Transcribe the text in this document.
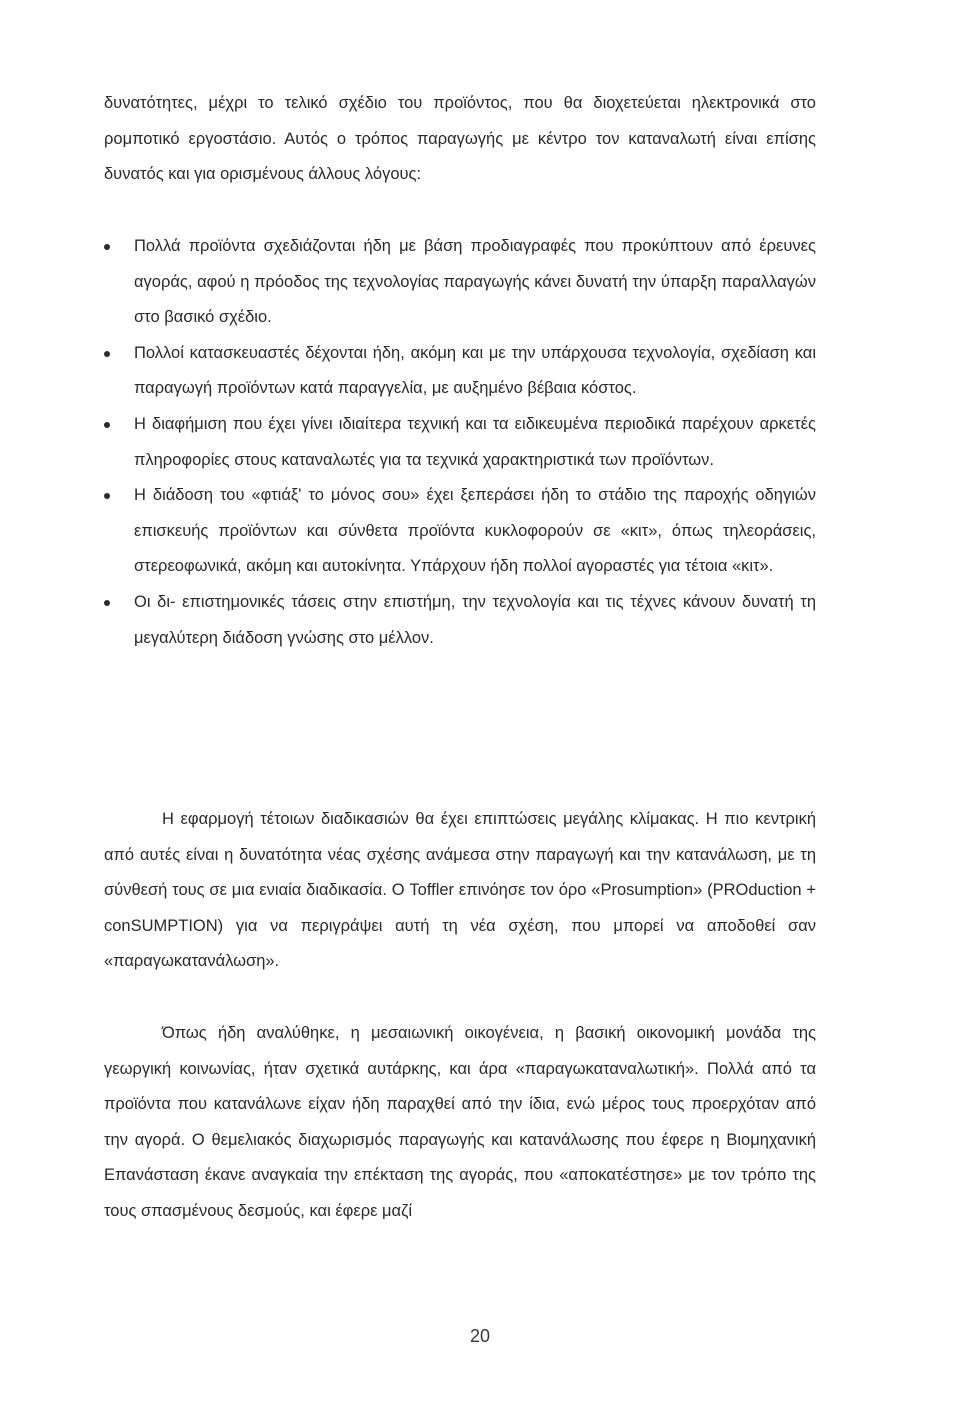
δυνατότητες, μέχρι το τελικό σχέδιο του προϊόντος, που θα διοχετεύεται ηλεκτρονικά στο ρομποτικό εργοστάσιο. Αυτός ο τρόπος παραγωγής με κέντρο τον καταναλωτή είναι επίσης δυνατός και για ορισμένους άλλους λόγους:

Πολλά προϊόντα σχεδιάζονται ήδη με βάση προδιαγραφές που προκύπτουν από έρευνες αγοράς, αφού η πρόοδος της τεχνολογίας παραγωγής κάνει δυνατή την ύπαρξη παραλλαγών στο βασικό σχέδιο.
Πολλοί κατασκευαστές δέχονται ήδη, ακόμη και με την υπάρχουσα τεχνολογία, σχεδίαση και παραγωγή προϊόντων κατά παραγγελία, με αυξημένο βέβαια κόστος.
Η διαφήμιση που έχει γίνει ιδιαίτερα τεχνική και τα ειδικευμένα περιοδικά παρέχουν αρκετές πληροφορίες στους καταναλωτές για τα τεχνικά χαρακτηριστικά των προϊόντων.
Η διάδοση του «φτιάξ' το μόνος σου» έχει ξεπεράσει ήδη το στάδιο της παροχής οδηγιών επισκευής προϊόντων και σύνθετα προϊόντα κυκλοφορούν σε «κιτ», όπως τηλεοράσεις, στερεοφωνικά, ακόμη και αυτοκίνητα. Υπάρχουν ήδη πολλοί αγοραστές για τέτοια «κιτ».
Οι δι- επιστημονικές τάσεις στην επιστήμη, την τεχνολογία και τις τέχνες κάνουν δυνατή τη μεγαλύτερη διάδοση γνώσης στο μέλλον.

Η εφαρμογή τέτοιων διαδικασιών θα έχει επιπτώσεις μεγάλης κλίμακας. Η πιο κεντρική από αυτές είναι η δυνατότητα νέας σχέσης ανάμεσα στην παραγωγή και την κατανάλωση, με τη σύνθεσή τους σε μια ενιαία διαδικασία. Ο Toffler επινόησε τον όρο «Prosumption» (PROduction + conSUMPTION) για να περιγράψει αυτή τη νέα σχέση, που μπορεί να αποδοθεί σαν «παραγωκατανάλωση».

Όπως ήδη αναλύθηκε, η μεσαιωνική οικογένεια, η βασική οικονομική μονάδα της γεωργική κοινωνίας, ήταν σχετικά αυτάρκης, και άρα «παραγωκαταναλωτική». Πολλά από τα προϊόντα που κατανάλωνε είχαν ήδη παραχθεί από την ίδια, ενώ μέρος τους προερχόταν από την αγορά. Ο θεμελιακός διαχωρισμός παραγωγής και κατανάλωσης που έφερε η Βιομηχανική Επανάσταση έκανε αναγκαία την επέκταση της αγοράς, που «αποκατέστησε» με τον τρόπο της τους σπασμένους δεσμούς, και έφερε μαζί

20
